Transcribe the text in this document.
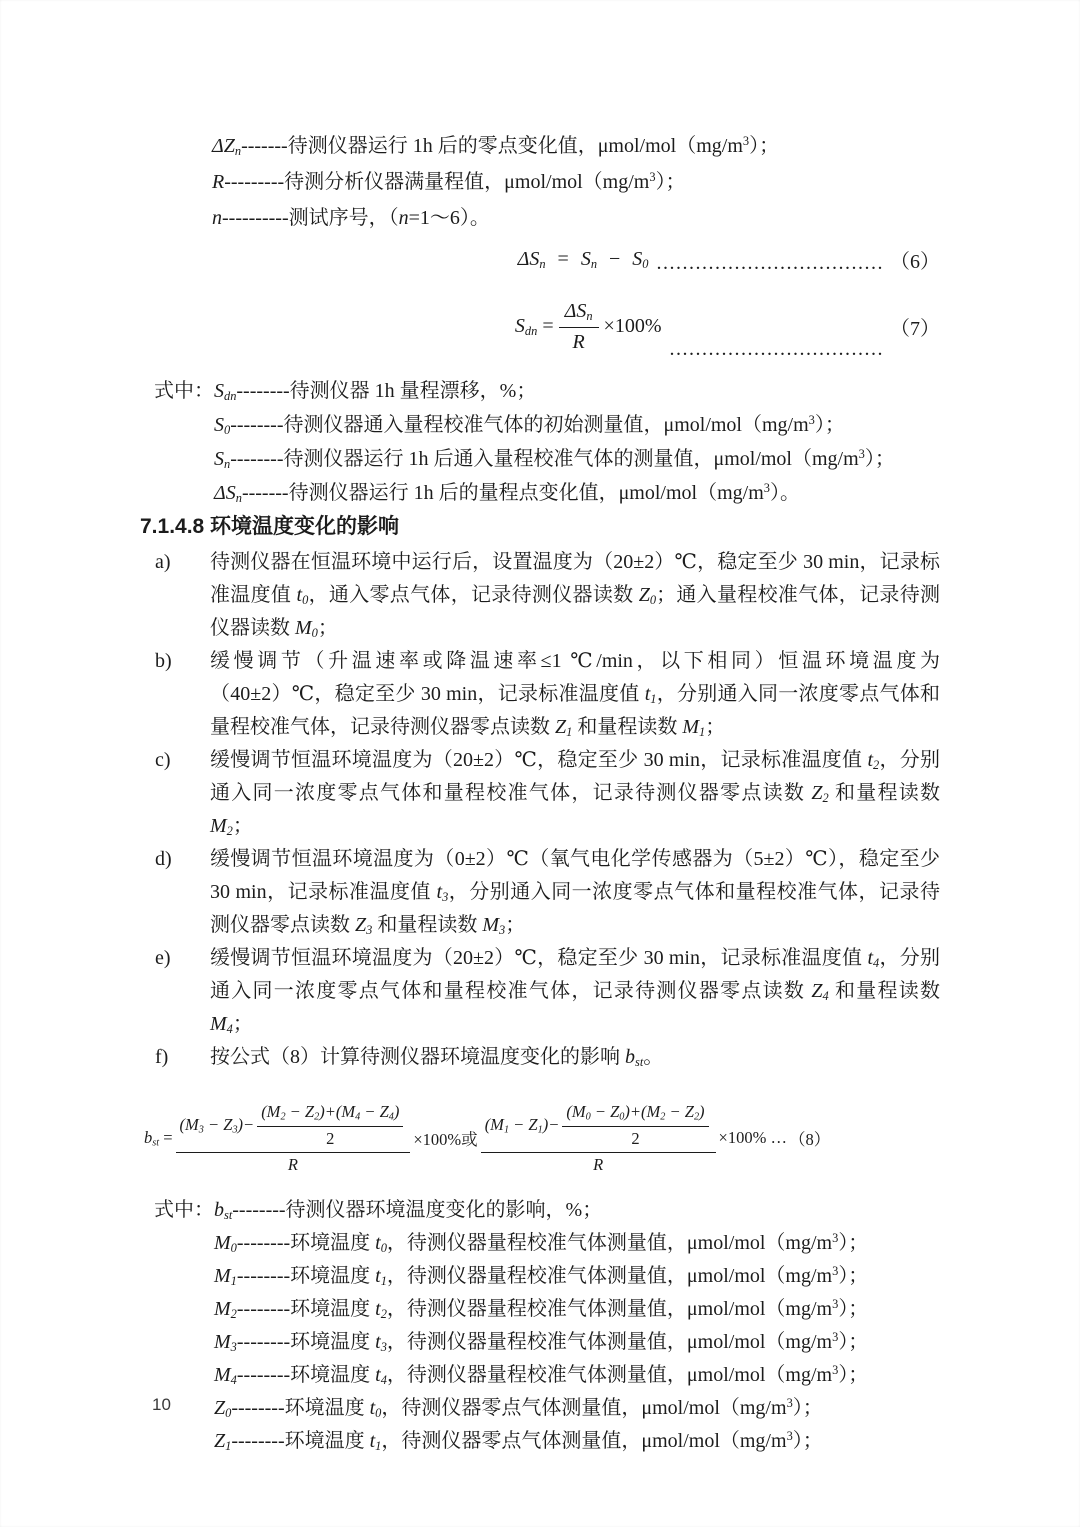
$\Delta Z_n-------$待测仪器运行 1h 后的零点变化值，μmol/$mol(mg/m^3)$；
R---------待测分析仪器满量程值，μmol/$mol(mg/m^3)$；
n----------测试序号，（n=1～6）。
$\Delta S_n = S_n - S_0$ ................................... （6）
$S_{dn} = \frac{\Delta S_n}{R} \times 100\%$
.................................
（7）
式中： $S_{dn}$ -------- 待测仪器 1h 量程漂移，%；
$S_0$ -------- 待测仪器通入量程校准气体的初始测量值，μmol/$mol(mg/m^3)$；
$S_n$ -------- 待测仪器运行 1h 后通入量程校准气体的测量值，μmol/$mol(mg/m^3)$；
$\Delta S_n$ ------- 待测仪器运行 1h 后的量程点变化值，μmol/$mol(mg/m^3)$。
7.1.4.8 环境温度变化的影响
a)	待测仪器在恒温环境中运行后，设置温度为（20±2）℃，稳定至少 30 min，记录标准温度值 $t_0$，通入零点气体，记录待测仪器读数 $Z_0$；通入量程校准气体，记录待测仪器读数 $M_0$；
b)	缓慢调节（升温速率或降温速率≤1 ℃/min，以下相同）恒温环境温度为（40±2）℃，稳定至少 30 min，记录标准温度值 $t_1$，分别通入同一浓度零点气体和量程校准气体，记录待测仪器零点读数 $Z_1$ 和量程读数 $M_1$；
c)	缓慢调节恒温环境温度为（20±2）℃，稳定至少 30 min，记录标准温度值 $t_2$，分别通入同一浓度零点气体和量程校准气体，记录待测仪器零点读数 $Z_2$ 和量程读数 $M_2$；
d)	缓慢调节恒温环境温度为（0±2）℃（氧气电化学传感器为（5±2）℃），稳定至少 30 min，记录标准温度值 $t_3$，分别通入同一浓度零点气体和量程校准气体，记录待测仪器零点读数 $Z_3$ 和量程读数 $M_3$；
e)	缓慢调节恒温环境温度为（20±2）℃，稳定至少 30 min，记录标准温度值 $t_4$，分别通入同一浓度零点气体和量程校准气体，记录待测仪器零点读数 $Z_4$ 和量程读数 $M_4$；
f)	按公式（8）计算待测仪器环境温度变化的影响 $b_{st}$。
$b_{st}$ =
$(M_3 - Z_3)- \frac{(M_2 - Z_2)+(M_4 - Z_4)}{2}$
R
×100%或
$(M_1 - Z_1)- \frac{(M_0 - Z_0)+(M_2 - Z_2)}{2}$
R
×100% … （8）
式中： $b_{st}$ -------- 待测仪器环境温度变化的影响，%；
$M_0$ -------- 环境温度 $t_0$，待测仪器量程校准气体测量值，μmol/$mol(mg/m^3)$；
$M_1$ -------- 环境温度 $t_1$，待测仪器量程校准气体测量值，μmol/$mol(mg/m^3)$；
$M_2$ -------- 环境温度 $t_2$，待测仪器量程校准气体测量值，μmol/$mol(mg/m^3)$；
$M_3$ -------- 环境温度 $t_3$，待测仪器量程校准气体测量值，μmol/$mol(mg/m^3)$；
$M_4$ -------- 环境温度 $t_4$，待测仪器量程校准气体测量值，μmol/$mol(mg/m^3)$；
$Z_0$ -------- 环境温度 $t_0$，待测仪器零点气体测量值，μmol/$mol(mg/m^3)$；
$Z_1$ -------- 环境温度 $t_1$，待测仪器零点气体测量值，μmol/$mol(mg/m^3)$；
10
